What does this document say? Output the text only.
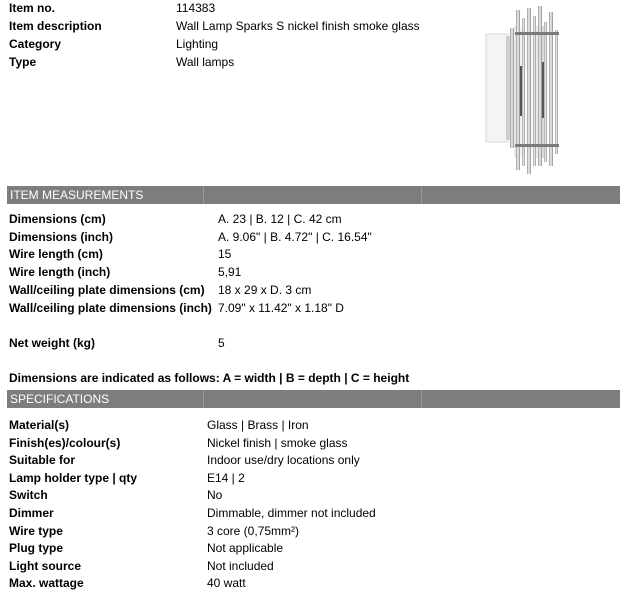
Item no.	114383
Item description	Wall Lamp Sparks S nickel finish smoke glass
Category	Lighting
Type	Wall lamps
ITEM MEASUREMENTS
Dimensions (cm)	A. 23 | B. 12 | C. 42 cm
Dimensions (inch)	A. 9.06" | B. 4.72" | C. 16.54"
Wire length (cm)	15
Wire length (inch)	5,91
Wall/ceiling plate dimensions (cm) 18 x 29 x D. 3 cm
Wall/ceiling plate dimensions (inch) 7.09" x 11.42" x 1.18" D
Net weight (kg)	5
Dimensions are indicated as follows: A = width | B = depth | C = height
SPECIFICATIONS
Material(s)	Glass | Brass | Iron
Finish(es)/colour(s)	Nickel finish | smoke glass
Suitable for	Indoor use/dry locations only
Lamp holder type | qty	E14 | 2
Switch	No
Dimmer	Dimmable, dimmer not included
Wire type	3 core (0,75mm²)
Plug type	Not applicable
Light source	Not included
Max. wattage	40 watt
